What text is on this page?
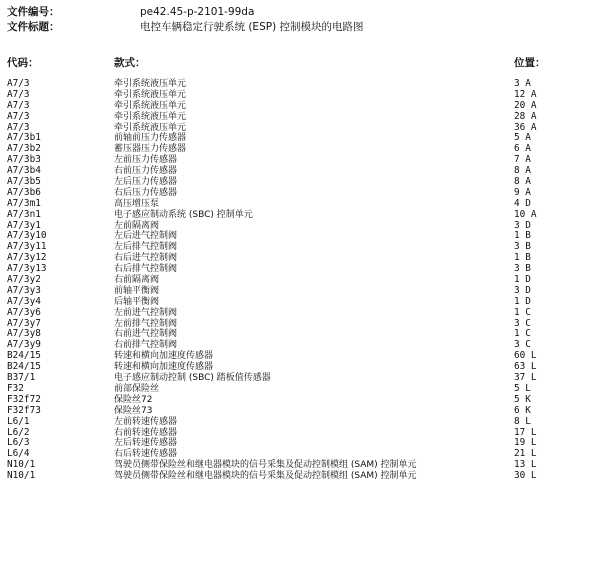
文件编号：	pe42.45-p-2101-99da
文件标题：	电控车辆稳定行驶系统 (ESP) 控制模块的电路图
代码：	款式：	位置：
A7/3	牵引系统液压单元	3 A
A7/3	牵引系统液压单元	12 A
A7/3	牵引系统液压单元	20 A
A7/3	牵引系统液压单元	28 A
A7/3	牵引系统液压单元	36 A
A7/3b1	前轴前压力传感器	5 A
A7/3b2	蓄压器压力传感器	6 A
A7/3b3	左前压力传感器	7 A
A7/3b4	右前压力传感器	8 A
A7/3b5	左后压力传感器	8 A
A7/3b6	右后压力传感器	9 A
A7/3m1	高压增压泵	4 D
A7/3n1	电子感应制动系统 (SBC) 控制单元	10 A
A7/3y1	左前隔离阀	3 D
A7/3y10	左后进气控制阀	1 B
A7/3y11	左后排气控制阀	3 B
A7/3y12	右后进气控制阀	1 B
A7/3y13	右后排气控制阀	3 B
A7/3y2	右前隔离阀	1 D
A7/3y3	前轴平衡阀	3 D
A7/3y4	后轴平衡阀	1 D
A7/3y6	左前进气控制阀	1 C
A7/3y7	左前排气控制阀	3 C
A7/3y8	右前进气控制阀	1 C
A7/3y9	右前排气控制阀	3 C
B24/15	转速和横向加速度传感器	60 L
B24/15	转速和横向加速度传感器	63 L
B37/1	电子感应制动控制 (SBC) 踏板值传感器	37 L
F32	前部保险丝	5 L
F32f72	保险丝72	5 K
F32f73	保险丝73	6 K
L6/1	左前转速传感器	8 L
L6/2	右前转速传感器	17 L
L6/3	左后转速传感器	19 L
L6/4	右后转速传感器	21 L
N10/1	驾驶员侧带保险丝和继电器模块的信号采集及促动控制模组 (SAM) 控制单元	13 L
N10/1	驾驶员侧带保险丝和继电器模块的信号采集及促动控制模组 (SAM) 控制单元	30 L
